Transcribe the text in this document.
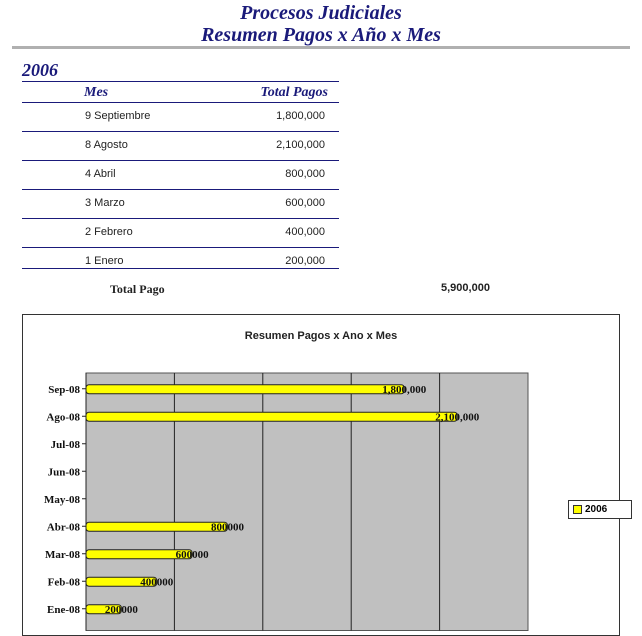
Procesos Judiciales
Resumen Pagos x Año x Mes
2006
Mes	Total Pagos
9 Septiembre	1,800,000
8 Agosto	2,100,000
4 Abril	800,000
3 Marzo	600,000
2 Febrero	400,000
1 Enero	200,000
Total Pago	5,900,000
Resumen Pagos x Ano x Mes
Sep-08	1,800,000
Ago-08	2,100,000
Jul-08
Jun-08
May-08
Abr-08	800000
Mar-08	600000
Feb-08	400000
Ene-08 200000
2006
